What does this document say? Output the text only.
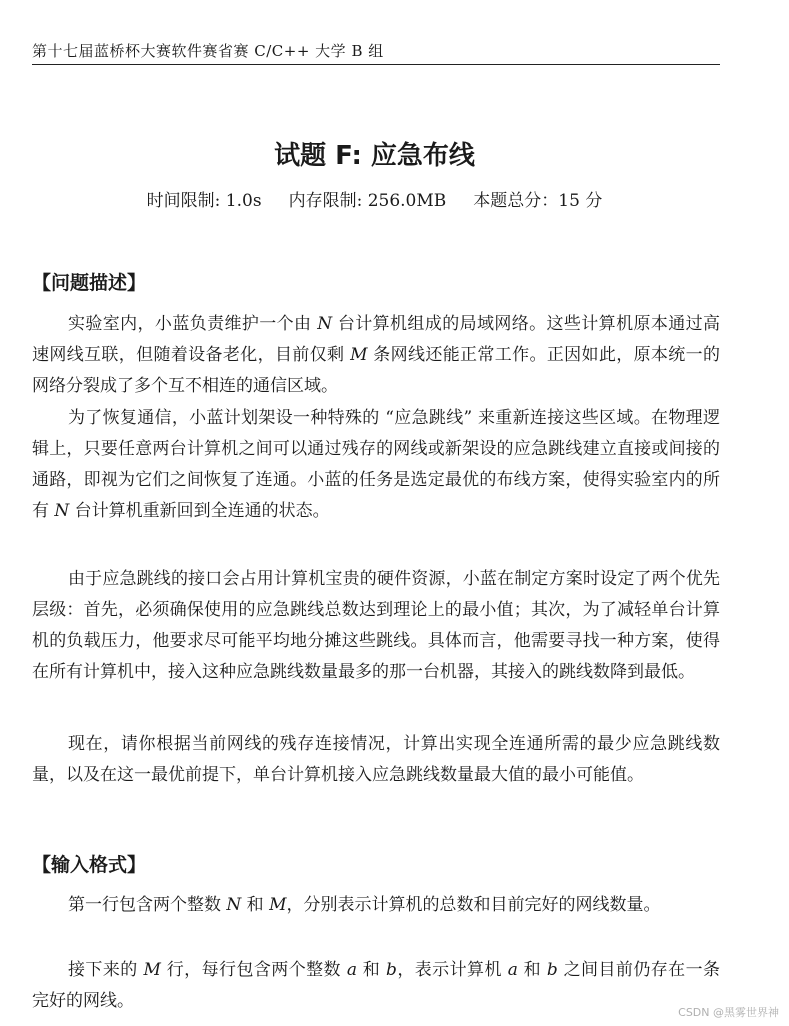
第十七届蓝桥杯大赛软件赛省赛 C/C++ 大学 B 组
试题 F: 应急布线
时间限制: 1.0s     内存限制: 256.0MB     本题总分：15 分
【问题描述】
实验室内，小蓝负责维护一个由 N 台计算机组成的局域网络。这些计算机原本通过高速网线互联，但随着设备老化，目前仅剩 M 条网线还能正常工作。正因如此，原本统一的网络分裂成了多个互不相连的通信区域。
为了恢复通信，小蓝计划架设一种特殊的 “应急跳线” 来重新连接这些区域。在物理逻辑上，只要任意两台计算机之间可以通过残存的网线或新架设的应急跳线建立直接或间接的通路，即视为它们之间恢复了连通。小蓝的任务是选定最优的布线方案，使得实验室内的所有 N 台计算机重新回到全连通的状态。
由于应急跳线的接口会占用计算机宝贵的硬件资源，小蓝在制定方案时设定了两个优先层级：首先，必须确保使用的应急跳线总数达到理论上的最小值；其次，为了减轻单台计算机的负载压力，他要求尽可能平均地分摊这些跳线。具体而言，他需要寻找一种方案，使得在所有计算机中，接入这种应急跳线数量最多的那一台机器，其接入的跳线数降到最低。
现在，请你根据当前网线的残存连接情况，计算出实现全连通所需的最少应急跳线数量，以及在这一最优前提下，单台计算机接入应急跳线数量最大值的最小可能值。
【输入格式】
第一行包含两个整数 N 和 M，分别表示计算机的总数和目前完好的网线数量。
接下来的 M 行，每行包含两个整数 a 和 b，表示计算机 a 和 b 之间目前仍存在一条完好的网线。
CSDN @黑雾世界神
